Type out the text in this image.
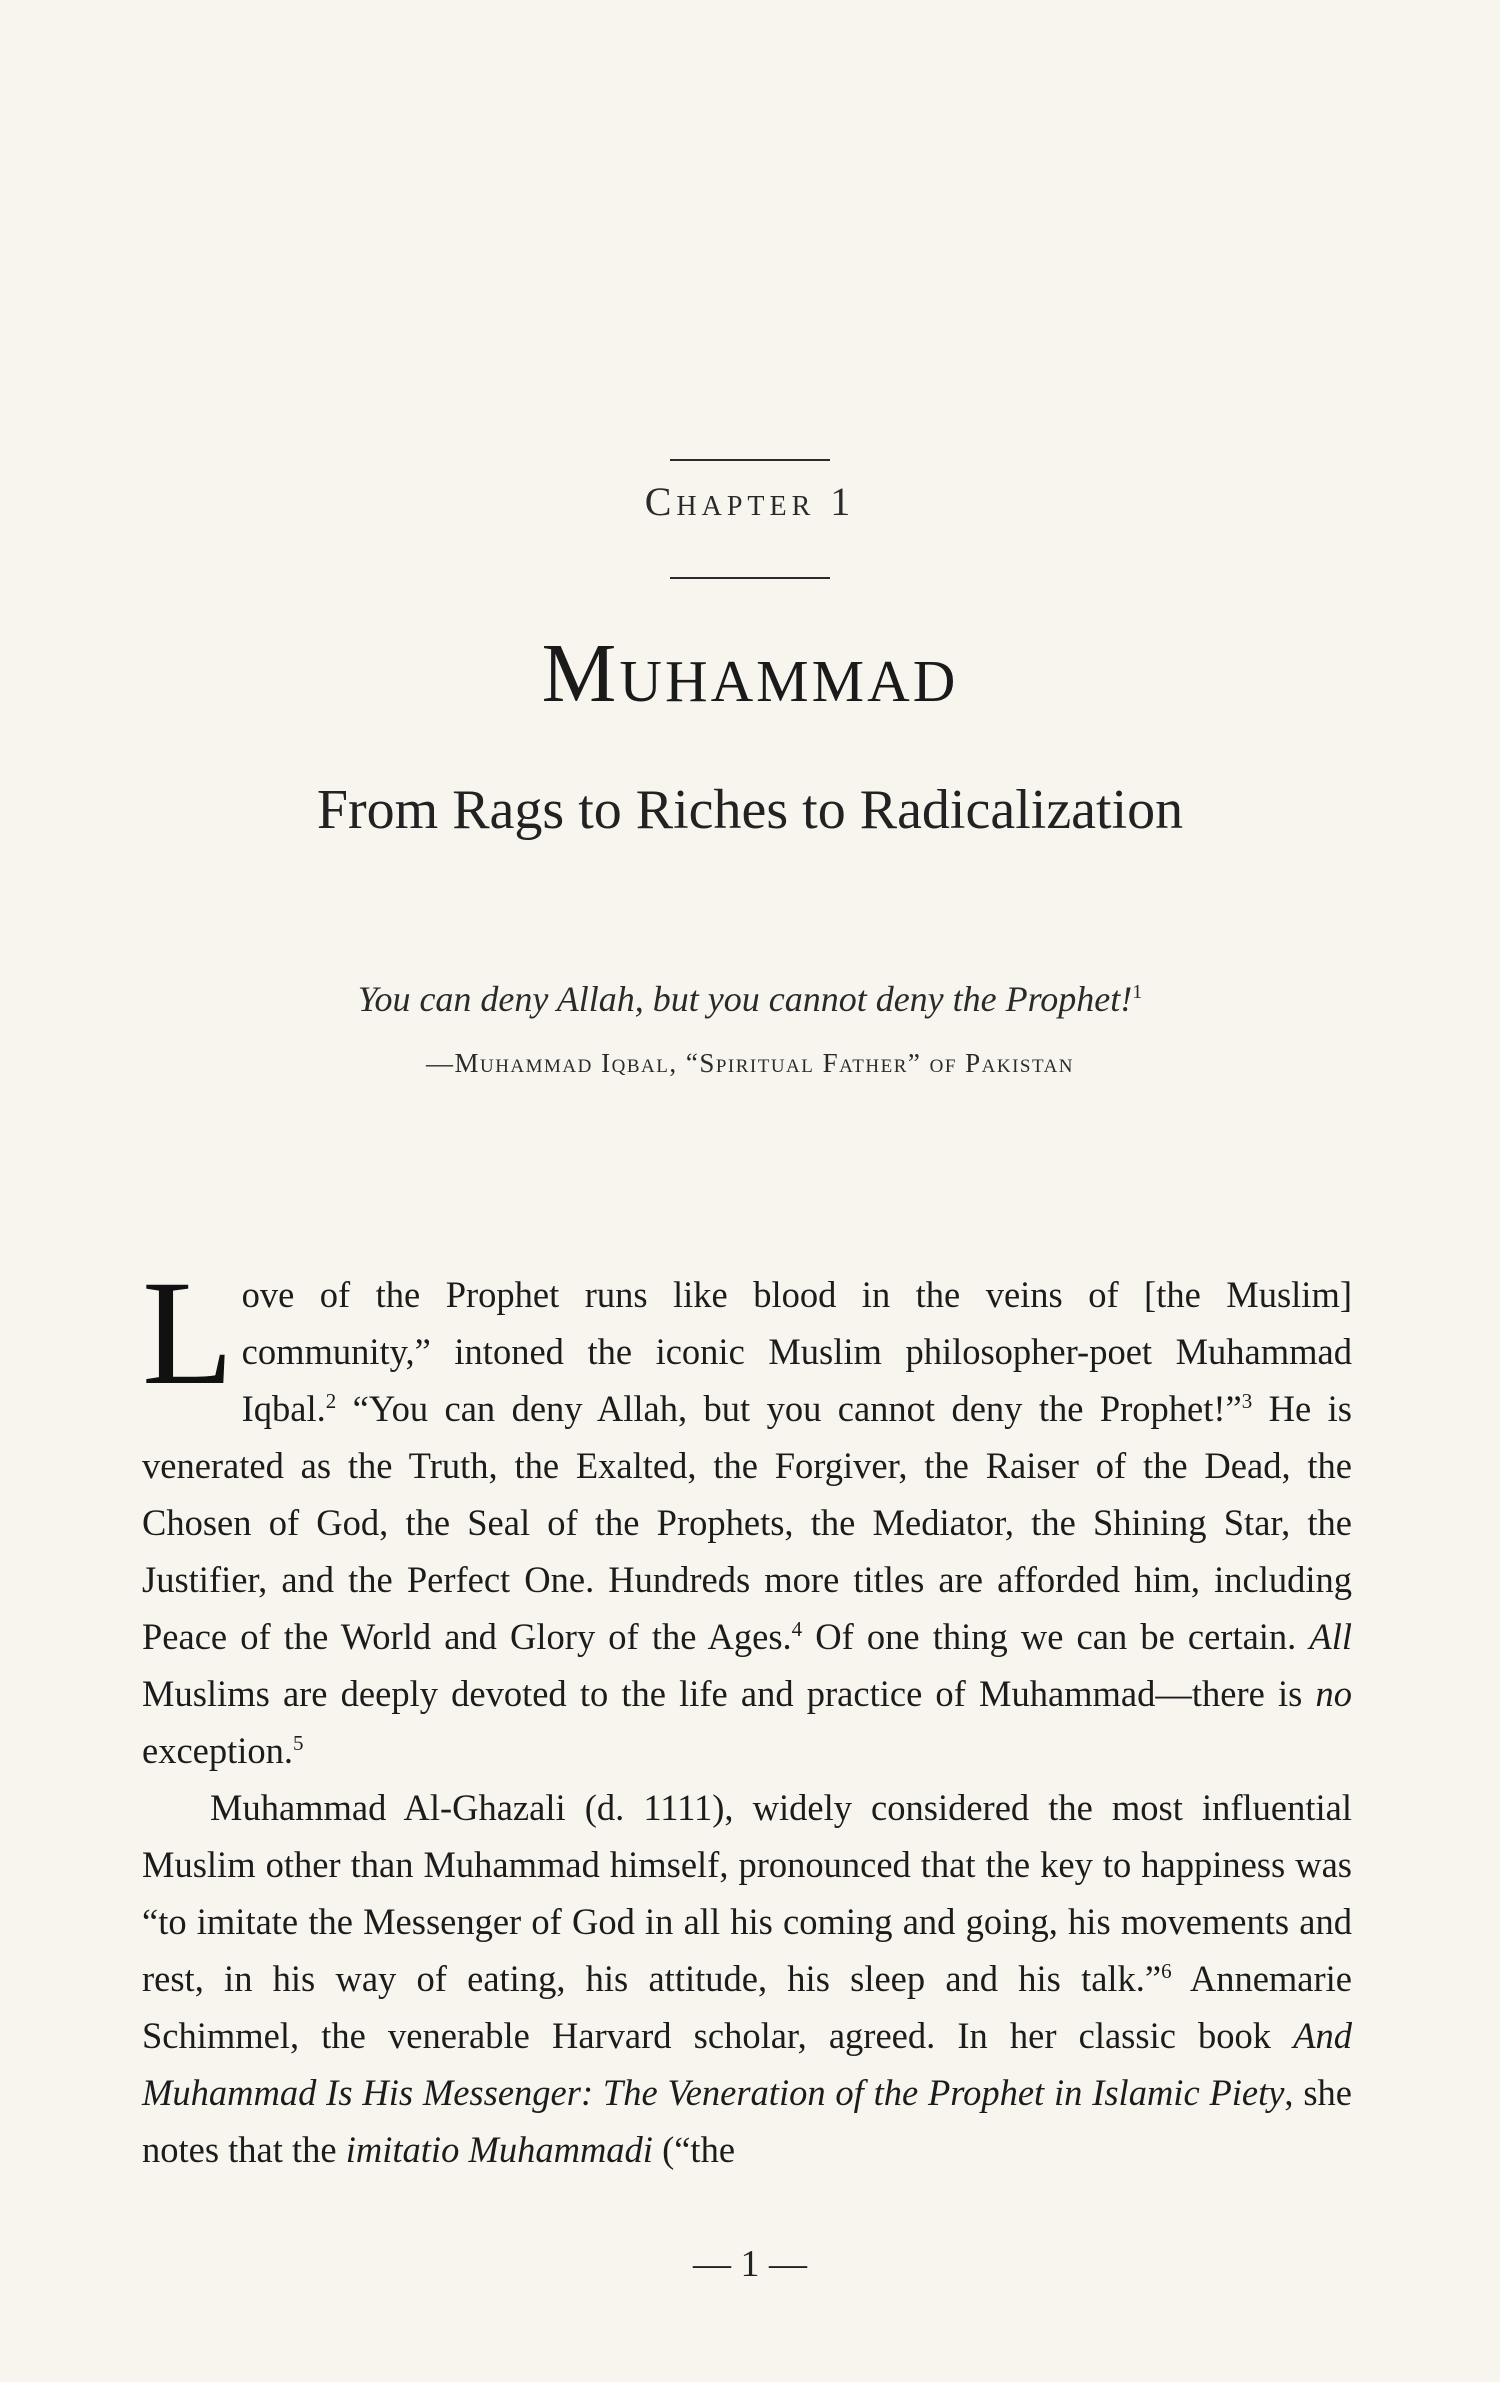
Chapter 1
Muhammad
From Rags to Riches to Radicalization
You can deny Allah, but you cannot deny the Prophet!$^1$
—Muhammad Iqbal, “Spiritual Father” of Pakistan

Love of the Prophet runs like blood in the veins of [the Muslim] community,” intoned the iconic Muslim philosopher-poet Muhammad Iqbal.$^2$ “You can deny Allah, but you cannot deny the Prophet!”$^3$ He is venerated as the Truth, the Exalted, the Forgiver, the Raiser of the Dead, the Chosen of God, the Seal of the Prophets, the Mediator, the Shining Star, the Justifier, and the Perfect One. Hundreds more titles are afforded him, including Peace of the World and Glory of the Ages.$^4$ Of one thing we can be certain. All Muslims are deeply devoted to the life and practice of Muhammad—there is no exception.$^5$

Muhammad Al-Ghazali (d. 1111), widely considered the most influential Muslim other than Muhammad himself, pronounced that the key to happiness was “to imitate the Messenger of God in all his coming and going, his movements and rest, in his way of eating, his attitude, his sleep and his talk.”$^6$ Annemarie Schimmel, the venerable Harvard scholar, agreed. In her classic book And Muhammad Is His Messenger: The Veneration of the Prophet in Islamic Piety, she notes that the imitatio Muhammadi (“the

— 1 —
